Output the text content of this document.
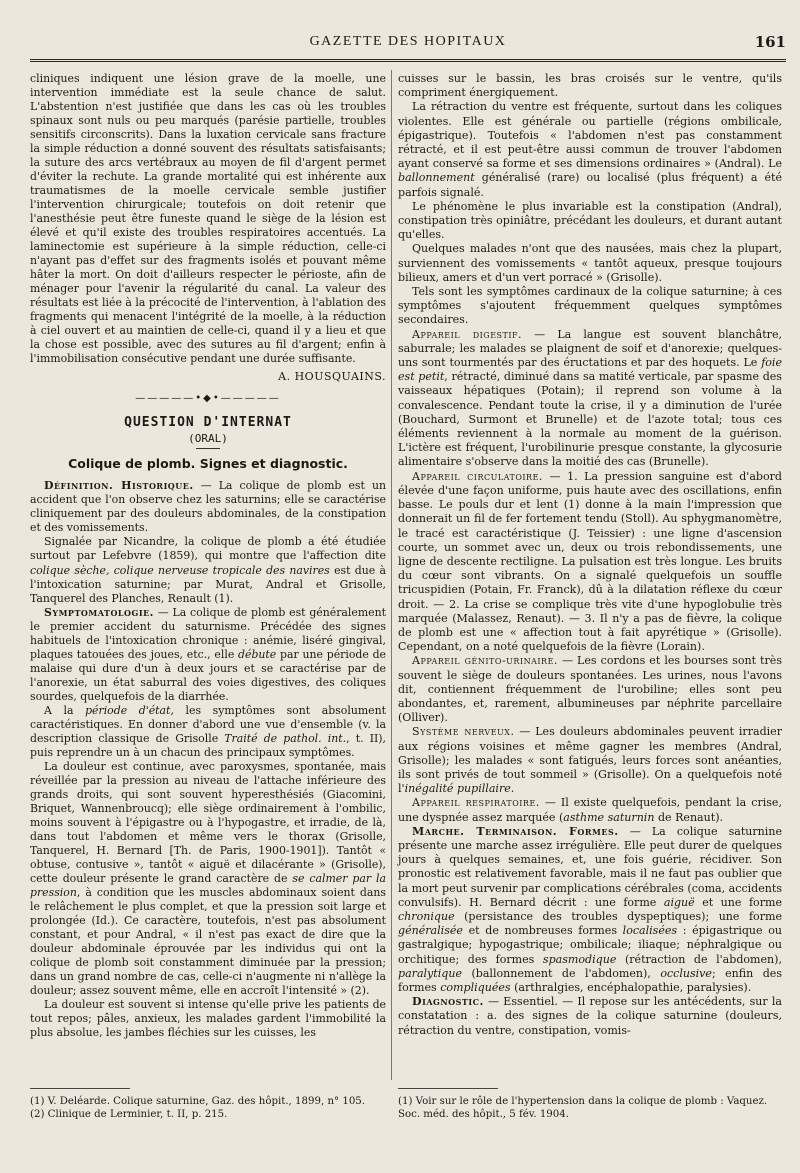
GAZETTE DES HOPITAUX	161

cliniques indiquent une lésion grave de la moelle, une intervention immédiate est la seule chance de salut. L'abstention n'est justifiée que dans les cas où les troubles spinaux sont nuls ou peu marqués (parésie partielle, troubles sensitifs circonscrits). Dans la luxation cervicale sans fracture la simple réduction a donné souvent des résultats satisfaisants; la suture des arcs vertébraux au moyen de fil d'argent permet d'éviter la rechute. La grande mortalité qui est inhérente aux traumatismes de la moelle cervicale semble justifier l'intervention chirurgicale; toutefois on doit retenir que l'anesthésie peut être funeste quand le siège de la lésion est élevé et qu'il existe des troubles respiratoires accentués. La laminectomie est supérieure à la simple réduction, celle-ci n'ayant pas d'effet sur des fragments isolés et pouvant même hâter la mort. On doit d'ailleurs respecter le périoste, afin de ménager pour l'avenir la régularité du canal. La valeur des résultats est liée à la précocité de l'intervention, à l'ablation des fragments qui menacent l'intégrité de la moelle, à la réduction à ciel ouvert et au maintien de celle-ci, quand il y a lieu et que la chose est possible, avec des sutures au fil d'argent; enfin à l'immobilisation consécutive pendant une durée suffisante.

A. HOUSQUAINS.
—————•◆•—————
QUESTION D'INTERNAT
(ORAL)
Colique de plomb. Signes et diagnostic.

Définition. Historique. — La colique de plomb est un accident que l'on observe chez les saturnins; elle se caractérise cliniquement par des douleurs abdominales, de la constipation et des vomissements.

Signalée par Nicandre, la colique de plomb a été étudiée surtout par Lefebvre (1859), qui montre que l'affection dite colique sèche, colique nerveuse tropicale des navires est due à l'intoxication saturnine; par Murat, Andral et Grisolle, Tanquerel des Planches, Renault (1).

Symptomatologie. — La colique de plomb est généralement le premier accident du saturnisme. Précédée des signes habituels de l'intoxication chronique : anémie, liséré gingival, plaques tatouées des joues, etc., elle débute par une période de malaise qui dure d'un à deux jours et se caractérise par de l'anorexie, un état saburral des voies digestives, des coliques sourdes, quelquefois de la diarrhée.

A la période d'état, les symptômes sont absolument caractéristiques. En donner d'abord une vue d'ensemble (v. la description classique de Grisolle Traité de pathol. int., t. II), puis reprendre un à un chacun des principaux symptômes.

La douleur est continue, avec paroxysmes, spontanée, mais réveillée par la pression au niveau de l'attache inférieure des grands droits, qui sont souvent hyperesthésiés (Giacomini, Briquet, Wannenbroucq); elle siège ordinairement à l'ombilic, moins souvent à l'épigastre ou à l'hypogastre, et irradie, de là, dans tout l'abdomen et même vers le thorax (Grisolle, Tanquerel, H. Bernard [Th. de Paris, 1900-1901]). Tantôt « obtuse, contusive », tantôt « aiguë et dilacérante » (Grisolle), cette douleur présente le grand caractère de se calmer par la pression, à condition que les muscles abdominaux soient dans le relâchement le plus complet, et que la pression soit large et prolongée (Id.). Ce caractère, toutefois, n'est pas absolument constant, et pour Andral, « il n'est pas exact de dire que la douleur abdominale éprouvée par les individus qui ont la colique de plomb soit constamment diminuée par la pression; dans un grand nombre de cas, celle-ci n'augmente ni n'allège la douleur; assez souvent même, elle en accroît l'intensité » (2).

La douleur est souvent si intense qu'elle prive les patients de tout repos; pâles, anxieux, les malades gardent l'immobilité la plus absolue, les jambes fléchies sur les cuisses, les

cuisses sur le bassin, les bras croisés sur le ventre, qu'ils compriment énergiquement.

La rétraction du ventre est fréquente, surtout dans les coliques violentes. Elle est générale ou partielle (régions ombilicale, épigastrique). Toutefois « l'abdomen n'est pas constamment rétracté, et il est peut-être aussi commun de trouver l'abdomen ayant conservé sa forme et ses dimensions ordinaires » (Andral). Le ballonnement généralisé (rare) ou localisé (plus fréquent) a été parfois signalé.

Le phénomène le plus invariable est la constipation (Andral), constipation très opiniâtre, précédant les douleurs, et durant autant qu'elles.

Quelques malades n'ont que des nausées, mais chez la plupart, surviennent des vomissements « tantôt aqueux, presque toujours bilieux, amers et d'un vert porracé » (Grisolle).

Tels sont les symptômes cardinaux de la colique saturnine; à ces symptômes s'ajoutent fréquemment quelques symptômes secondaires.

Appareil digestif. — La langue est souvent blanchâtre, saburrale; les malades se plaignent de soif et d'anorexie; quelques-uns sont tourmentés par des éructations et par des hoquets. Le foie est petit, rétracté, diminué dans sa matité verticale, par spasme des vaisseaux hépatiques (Potain); il reprend son volume à la convalescence. Pendant toute la crise, il y a diminution de l'urée (Bouchard, Surmont et Brunelle) et de l'azote total; tous ces éléments reviennent à la normale au moment de la guérison. L'ictère est fréquent, l'urobilinurie presque constante, la glycosurie alimentaire s'observe dans la moitié des cas (Brunelle).

Appareil circulatoire. — 1. La pression sanguine est d'abord élevée d'une façon uniforme, puis haute avec des oscillations, enfin basse. Le pouls dur et lent (1) donne à la main l'impression que donnerait un fil de fer fortement tendu (Stoll). Au sphygmanomètre, le tracé est caractéristique (J. Teissier) : une ligne d'ascension courte, un sommet avec un, deux ou trois rebondissements, une ligne de descente rectiligne. La pulsation est très longue. Les bruits du cœur sont vibrants. On a signalé quelquefois un souffle tricuspidien (Potain, Fr. Franck), dû à la dilatation réflexe du cœur droit. — 2. La crise se complique très vite d'une hypoglobulie très marquée (Malassez, Renaut). — 3. Il n'y a pas de fièvre, la colique de plomb est une « affection tout à fait apyrétique » (Grisolle). Cependant, on a noté quelquefois de la fièvre (Lorain).

Appareil génito-urinaire. — Les cordons et les bourses sont très souvent le siège de douleurs spontanées. Les urines, nous l'avons dit, contiennent fréquemment de l'urobiline; elles sont peu abondantes, et, rarement, albumineuses par néphrite parcellaire (Olliver).

Système nerveux. — Les douleurs abdominales peuvent irradier aux régions voisines et même gagner les membres (Andral, Grisolle); les malades « sont fatigués, leurs forces sont anéanties, ils sont privés de tout sommeil » (Grisolle). On a quelquefois noté l'inégalité pupillaire.

Appareil respiratoire. — Il existe quelquefois, pendant la crise, une dyspnée assez marquée (asthme saturnin de Renaut).

Marche. Terminaison. Formes. — La colique saturnine présente une marche assez irrégulière. Elle peut durer de quelques jours à quelques semaines, et, une fois guérie, récidiver. Son pronostic est relativement favorable, mais il ne faut pas oublier que la mort peut survenir par complications cérébrales (coma, accidents convulsifs). H. Bernard décrit : une forme aiguë et une forme chronique (persistance des troubles dyspeptiques); une forme généralisée et de nombreuses formes localisées : épigastrique ou gastralgique; hypogastrique; ombilicale; iliaque; néphralgique ou orchitique; des formes spasmodique (rétraction de l'abdomen), paralytique (ballonnement de l'abdomen), occlusive; enfin des formes compliquées (arthralgies, encéphalopathie, paralysies).

Diagnostic. — Essentiel. — Il repose sur les antécédents, sur la constatation : a. des signes de la colique saturnine (douleurs, rétraction du ventre, constipation, vomis-

(1) V. Deléarde. Colique saturnine, Gaz. des hôpit., 1899, n° 105.
(2) Clinique de Lerminier, t. II, p. 215.
(1) Voir sur le rôle de l'hypertension dans la colique de plomb : Vaquez. Soc. méd. des hôpit., 5 fév. 1904.
